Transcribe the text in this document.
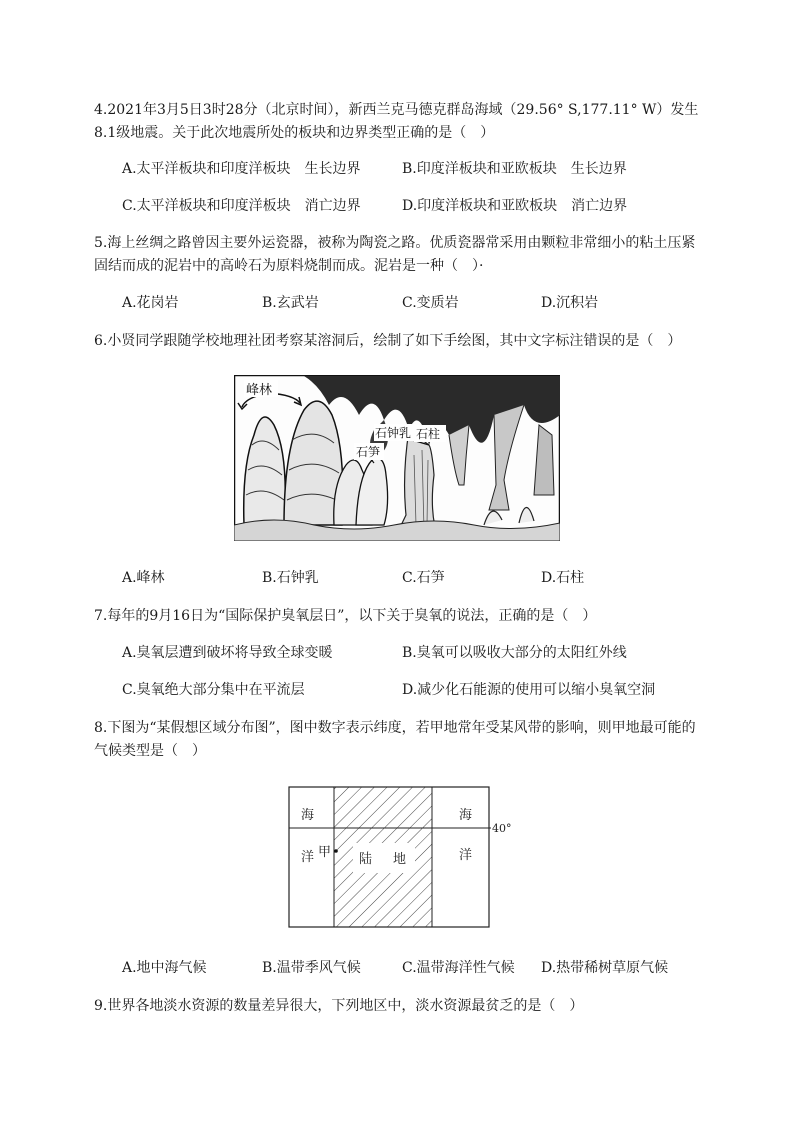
4.2021年3月5日3时28分（北京时间），新西兰克马德克群岛海域（29.56° S,177.11° W）发生
8.1级地震。关于此次地震所处的板块和边界类型正确的是（　）
A.太平洋板块和印度洋板块　生长边界	B.印度洋板块和亚欧板块　生长边界
C.太平洋板块和印度洋板块　消亡边界	D.印度洋板块和亚欧板块　消亡边界
5.海上丝绸之路曾因主要外运瓷器，被称为陶瓷之路。优质瓷器常采用由颗粒非常细小的粘土压紧
固结而成的泥岩中的高岭石为原料烧制而成。泥岩是一种（　）·
A.花岗岩	B.玄武岩	C.变质岩	D.沉积岩
6.小贤同学跟随学校地理社团考察某溶洞后，绘制了如下手绘图，其中文字标注错误的是（　）
峰林
石钟乳 石柱
石笋
A.峰林	B.石钟乳	C.石笋	D.石柱
7.每年的9月16日为“国际保护臭氧层日”，以下关于臭氧的说法，正确的是（　）
A.臭氧层遭到破坏将导致全球变暖	B.臭氧可以吸收大部分的太阳红外线
C.臭氧绝大部分集中在平流层	D.减少化石能源的使用可以缩小臭氧空洞
8.下图为“某假想区域分布图”，图中数字表示纬度，若甲地常年受某风带的影响，则甲地最可能的
气候类型是（　）
海
洋
海
洋
陆 地
甲
40°
A.地中海气候	B.温带季风气候	C.温带海洋性气候 D.热带稀树草原气候
9.世界各地淡水资源的数量差异很大，下列地区中，淡水资源最贫乏的是（　）
